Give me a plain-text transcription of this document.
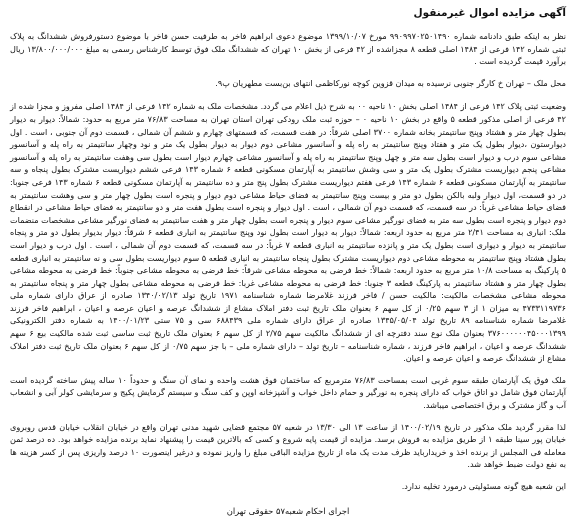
آگهی مزایده اموال غیرمنقول

نظر به اینکه طبق دادنامه شماره ۹۹۰۹۹۷۰۲۵۰۱۴۹۰ مورخ ۱۳۹۹/۱۰/۰۷ موضوع دعوی ابراهیم فاخر به طرفیت حسن فاخر با موضوع دستورفروش ششدانگ به پلاک ثبتی شماره ۱۴۲ فرعی از ۱۴۸۴ اصلی قطعه ۸ مجزاشده از ۴۲ فرعی از بخش ۱۰ تهران که ششدانگ ملک فوق توسط کارشناس رسمی به مبلغ ۱۳/۸۰۰/۰۰۰/۰۰۰ ریال برآورد قیمت گردیده است .

محل ملک – تهران خ کارگر جنوبی نرسیده به میدان قزوین کوچه نورکاظمی انتهای بن‌بست مطهریان پ۹.

وضعیت ثبتی پلاک ۱۴۲ فرعی از ۱۴۸۴ اصلی بخش ۱۰ ناحیه ۰۰ به شرح ذیل اعلام می گردد. مشخصات ملک به شماره ۱۴۲ فرعی از ۱۴۸۴ اصلی مفروز و مجزا شده از ۴۲ فرعی از اصلی مذکور قطعه ۵ واقع در بخش ۱۰ ناحیه ۰ – حوزه ثبت ملک رودکی تهران استان تهران به مساحت ۷۶/۸۳ متر مربع به حدود: شمالاً: دیوار به دیوار بطول چهار متر و هشتاد وپنج سانتیمتر بخانه شماره ۳۷۰۰ اصلی شرقاً: در هفت قسمت، که قسمتهای چهارم و ششم آن شمالی ، قسمت دوم آن جنوبی ، است . اول دیوارستون ،دیوار بطول یک متر و هفتاد وپنج سانتیمتر به راه پله و آسانسور مشاعی دوم دیوار به دیوار بطول یک متر و نود وچهار سانتیمتر به راه پله و آسانسور مشاعی سوم درب و دیوار است بطول سه متر و چهل وپنج سانتیمتر به راه پله و آسانسور مشاعی چهارم دیوار است بطول سی وهفت سانتیمتر به راه پله و آسانسور مشاعی پنجم دیواریست مشترک بطول یک متر و سی وشش سانتیمتر به آپارتمان مسکونی قطعه ۶ شماره ۱۴۳ فرعی ششم دیواریست مشترک بطول پنجاه و سه سانتیمتر به آپارتمان مسکونی قطعه ۶ شماره ۱۴۳ فرعی هفتم دیواریست مشترک بطول پنج متر و ده سانتیمتر به آپارتمان مسکونی قطعه ۶ شماره ۱۴۳ فرعی جنوبا: در دو قسمت، اول دیوار ولبه بالکن بطول دو متر و بیست وپنج سانتیمتر به فضای حیاط مشاعی دوم دیوار و پنجره است بطول چهار متر و سی وهشت سانتیمتر به فضای حیاط مشاعی غرباً: در سه قسمت، که قسمت دوم آن شمالی ، است . اول دیوار و پنجره است بطول هفت متر و دو سانتیمتر به فضای حیاط مشاعی در انقطاع دوم دیوار و پنجره است بطول سه متر به فضای نورگیر مشاعی سوم دیوار و پنجره است بطول چهار متر و هفت سانتیمتر به فضای نورگیر مشاعی مشخصات منضمات ملک: انباری به مساحت ۲/۴۱ متر مربع به حدود اربعه: شمالاً: دیوار به دیوار است بطول نود وپنج سانتیمتر به انباری قطعه ۶ شرقاً: دیوار بدیوار بطول دو متر و پنجاه سانتیمتر به دیوار و دیواری است بطول یک متر و پانزده سانتیمتر به انباری قطعه ۷ غرباً: در سه قسمت، که قسمت دوم آن شمالی ، است . اول درب و دیوار است بطول هشتاد وپنج سانتیمتر به محوطه مشاعی دوم دیواریست مشترک بطول پنجاه سانتیمتر به انباری قطعه ۵ سوم دیواریست بطول سی و نه سانتیمتر به انباری قطعه ۵ پارکینگ به مساحت ۱۰/۸ متر مربع به حدود اربعه: شمالاً: خط فرضی به محوطه مشاعی شرقاً: خط فرضی به محوطه مشاعی جنوباً: خط فرضی به محوطه مشاعی بطول چهار متر و هشتاد سانتیمتر به پارکینگ قطعه ۳ جنوبا: خط فرضی به محوطه مشاعی غربا: خط فرضی به محوطه مشاعی بطول چهار متر و پنجاه سانتیمتر به محوطه مشاعی مشخصات مالکیت: مالکیت حسن / فاخر فرزند غلامرضا شماره شناسنامه ۱۹۷۱ تاریخ تولد ۱۳۴۰/۰۲/۱۳ صادره از عراق دارای شماره ملی ۴۷۳۳۱۱۹۷۳۶ به میزان ۱ از ۳ سهم ۰/۲۵ از کل سهم ۶ بعنوان ملک تاریخ ثبت دفتر املاک مشاع از ششدانگ عرصه و اعیان عرصه و اعیان ، ابراهیم فاخر فرزند غلامرضا شماره شناسنامه ۸۹ تاریخ تولد ۱۳۴۵/۰۵/۰۴ صادره از عراق دارای شماره ملی ۶۸۸۴۳۹ سی و ۷۵ ستی ۱۴۰۰/۰۱/۲۳ ‌به شماره دفتر الکترونیکی ۳۷۶۰۰۰۰۰۰۴۵۰۰۰۱۳۹۹ بعنوان ملک نوع سند دفترچه ای از ششدانگ مالکیت سهم ۲/۷۵ از کل سهم ۶ بعنوان ملک تاریخ ثبت ساسی ثبت شده مالکیت بیع ۶ سهم ششدانگ عرصه و اعیان ، ابراهیم فاخر فرزند ، شماره شناسنامه – تاریخ تولد – دارای شماره ملی – با جز سهم ۰/۷۵ از کل سهم ۶ بعنوان ملک تاریخ ثبت دفتر املاک مشاع از ششدانگ عرصه و اعیان عرصه و اعیان.

ملک فوق یک آپارتمان طبقه سوم غربی است بمساحت ۷۶/۸۳ مترمربع که ساختمان فوق هشت واحده و نمای آن سنگ و حدوداً ۱۰ ساله پیش ساخته گردیده است آپارتمان فوق شامل دو اتاق خواب که دارای پنجره به نورگیر و حمام داخل خواب و آشپزخانه اوپن و کف سنگ و سیستم گرمایش پکیج و سرمایشی کولر آبی و انشعاب آب و گاز مشترک و برق اختصاصی میباشد.

لذا مقرر گردید ملک مذکور در تاریخ ۱۴۰۰/۰۲/۱۹ از ساعت ۱۳ الی ۱۳/۳۰ در شعبه ۵۷ مجتمع قضایی شهید مدنی تهران واقع در خیابان انقلاب خیابان قدس روبروی خیابان پور سینا طبقه ۱ از طریق مزایده به فروش برسد. مزایده از قیمت پایه شروع و کسی که بالاترین قیمت را پیشنهاد نماید برنده مزایده خواهد بود. ده درصد ثمن معامله فی المجلس از برنده اخذ و خریدارباید ظرف مدت یک ماه از تاریخ مزایده الباقی مبلغ را واریز نموده و درغیر اینصورت ۱۰ درصد واریزی پس از کسر هزینه ها به نفع دولت ضبط خواهد شد.

این شعبه هیچ گونه مسئولیتی درمورد تخلیه ندارد.

اجرای احکام شعبه۵۷ حقوقی تهران
